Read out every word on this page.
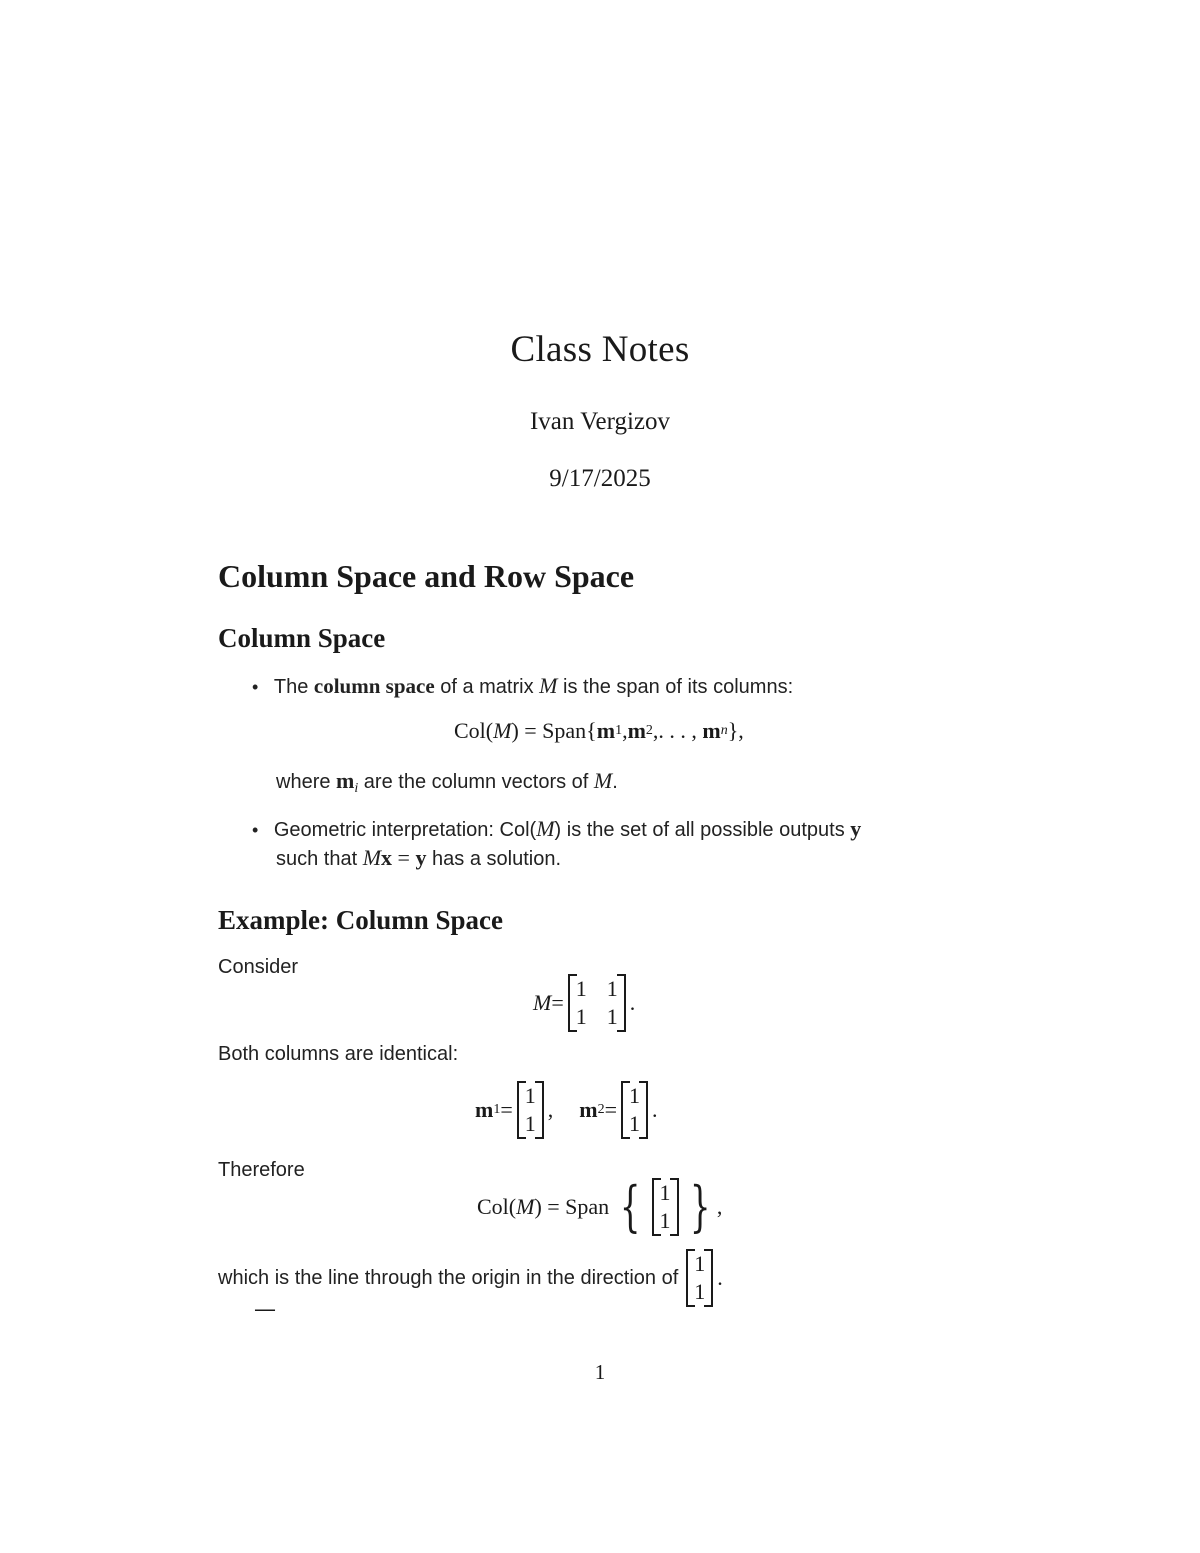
Class Notes
Ivan Vergizov
9/17/2025
Column Space and Row Space
Column Space
• The column space of a matrix M is the span of its columns:
Col( M ) = Span{ m 1 , m 2 , . . . ,
m n },
where $m_i$ are the column vectors of M.
• Geometric interpretation: Col(M) is the set of all possible outputs y
such that Mx = y has a solution.
Example: Column Space
Consider
M =
1
1
1
1
.
Both columns are identical:
m 1 =
1
1
, m 2 =
1
1
.
Therefore
Col( M ) = Span { 1
1 } ,
which is the line through the origin in the direction of
1
1
.
—
1
